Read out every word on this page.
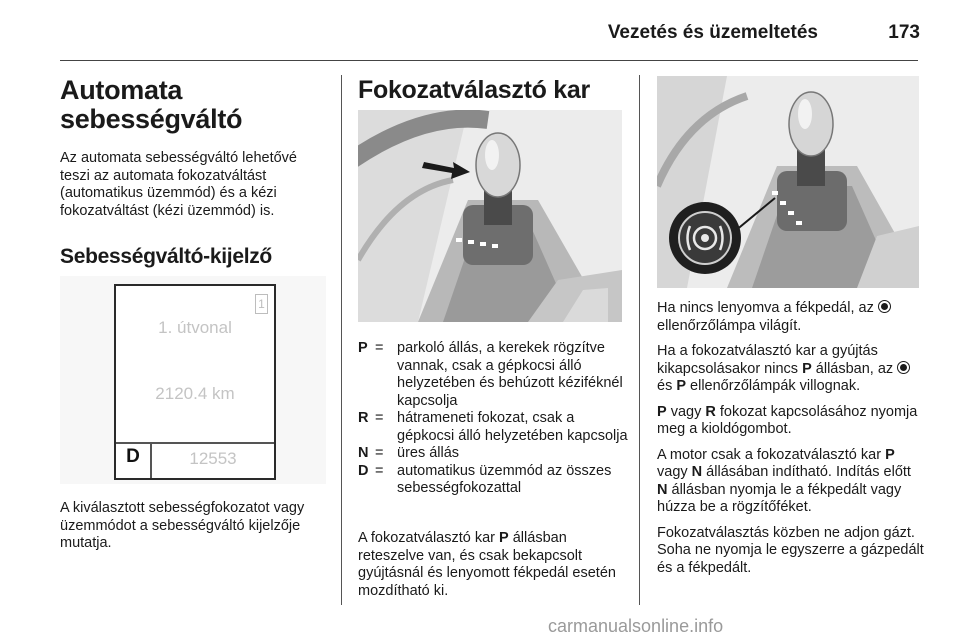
Vezetés és üzemeltetés	173
Automata
sebességváltó

Az automata sebességváltó lehetővé teszi az automata fokozatváltást (automatikus üzemmód) és a kézi fokozatváltást (kézi üzemmód) is.

Sebességváltó-kijelző
1
1. útvonal
2120.4 km
D	12553

A kiválasztott sebességfokozatot vagy üzemmódot a sebességváltó kijelzője mutatja.

Fokozatválasztó kar
P = parkoló állás, a kerekek rögzítve vannak, csak a gépkocsi álló helyzetében és behúzott kéziféknél kapcsolja
R = hátrameneti fokozat, csak a gépkocsi álló helyzetében kapcsolja
N = üres állás
D = automatikus üzemmód az összes sebességfokozattal

A fokozatválasztó kar P állásban reteszelve van, és csak bekapcsolt gyújtásnál és lenyomott fékpedál esetén mozdítható ki.

Ha nincs lenyomva a fékpedál, az  ellenőrzőlámpa világít.

Ha a fokozatválasztó kar a gyújtás kikapcsolásakor nincs P állásban, az  és P ellenőrzőlámpák villognak.

P vagy R fokozat kapcsolásához nyomja meg a kioldógombot.

A motor csak a fokozatválasztó kar P vagy N állásában indítható. Indítás előtt N állásban nyomja le a fékpedált vagy húzza be a rögzítőféket.

Fokozatválasztás közben ne adjon gázt. Soha ne nyomja le egyszerre a gázpedált és a fékpedált.

carmanualsonline.info
